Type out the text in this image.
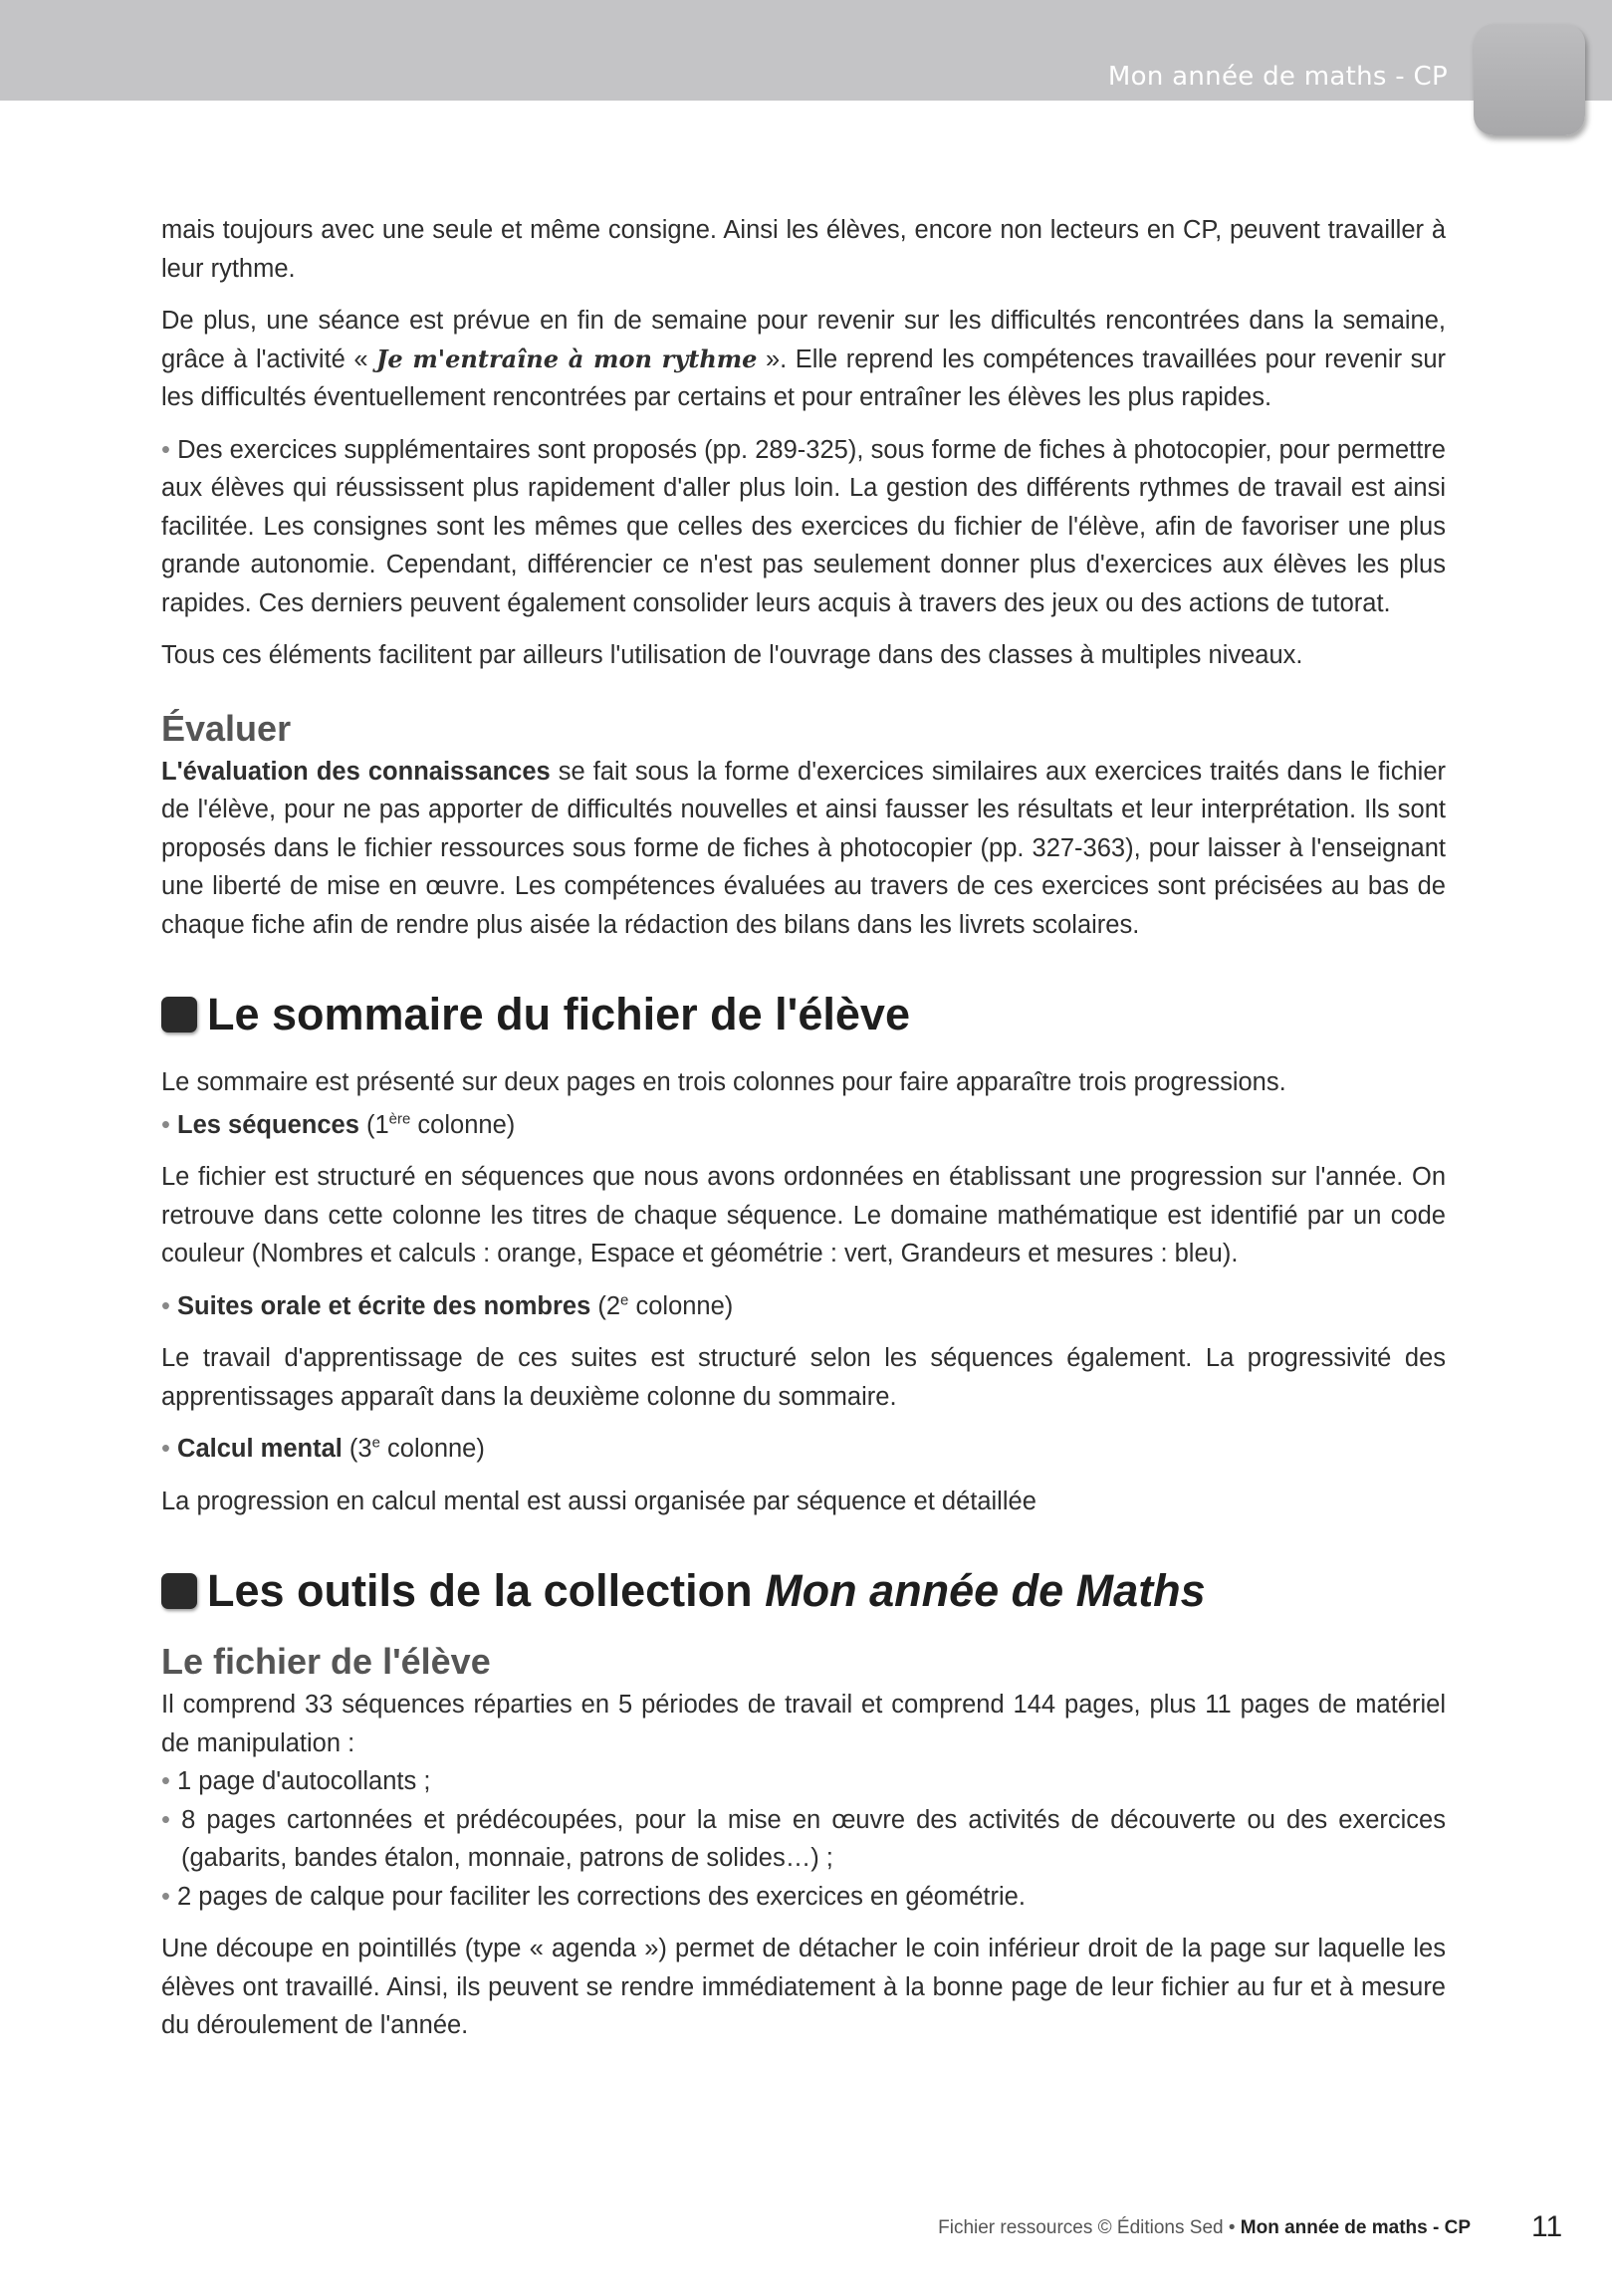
Mon année de maths - CP

mais toujours avec une seule et même consigne. Ainsi les élèves, encore non lecteurs en CP, peuvent travailler à leur rythme.

De plus, une séance est prévue en fin de semaine pour revenir sur les difficultés rencontrées dans la semaine, grâce à l'activité « Je m'entraîne à mon rythme ». Elle reprend les compétences travaillées pour revenir sur les difficultés éventuellement rencontrées par certains et pour entraîner les élèves les plus rapides.

• Des exercices supplémentaires sont proposés (pp. 289-325), sous forme de fiches à photocopier, pour permettre aux élèves qui réussissent plus rapidement d'aller plus loin. La gestion des différents rythmes de travail est ainsi facilitée. Les consignes sont les mêmes que celles des exercices du fichier de l'élève, afin de favoriser une plus grande autonomie. Cependant, différencier ce n'est pas seulement donner plus d'exercices aux élèves les plus rapides. Ces derniers peuvent également consolider leurs acquis à travers des jeux ou des actions de tutorat.

Tous ces éléments facilitent par ailleurs l'utilisation de l'ouvrage dans des classes à multiples niveaux.

Évaluer

L'évaluation des connaissances se fait sous la forme d'exercices similaires aux exercices traités dans le fichier de l'élève, pour ne pas apporter de difficultés nouvelles et ainsi fausser les résultats et leur interprétation. Ils sont proposés dans le fichier ressources sous forme de fiches à photocopier (pp. 327-363), pour laisser à l'enseignant une liberté de mise en œuvre. Les compétences évaluées au travers de ces exercices sont précisées au bas de chaque fiche afin de rendre plus aisée la rédaction des bilans dans les livrets scolaires.

Le sommaire du fichier de l'élève

Le sommaire est présenté sur deux pages en trois colonnes pour faire apparaître trois progressions.

• Les séquences (1ère colonne)

Le fichier est structuré en séquences que nous avons ordonnées en établissant une progression sur l'année. On retrouve dans cette colonne les titres de chaque séquence. Le domaine mathématique est identifié par un code couleur (Nombres et calculs : orange, Espace et géométrie : vert, Grandeurs et mesures : bleu).

• Suites orale et écrite des nombres (2e colonne)

Le travail d'apprentissage de ces suites est structuré selon les séquences également. La progressivité des apprentissages apparaît dans la deuxième colonne du sommaire.

• Calcul mental (3e colonne)

La progression en calcul mental est aussi organisée par séquence et détaillée

Les outils de la collection Mon année de Maths
Le fichier de l'élève

Il comprend 33 séquences réparties en 5 périodes de travail et comprend 144 pages, plus 11 pages de matériel de manipulation :

• 1 page d'autocollants ;
• 8 pages cartonnées et prédécoupées, pour la mise en œuvre des activités de découverte ou des exercices (gabarits, bandes étalon, monnaie, patrons de solides…) ;
• 2 pages de calque pour faciliter les corrections des exercices en géométrie.

Une découpe en pointillés (type « agenda ») permet de détacher le coin inférieur droit de la page sur laquelle les élèves ont travaillé. Ainsi, ils peuvent se rendre immédiatement à la bonne page de leur fichier au fur et à mesure du déroulement de l'année.

Fichier ressources © Éditions Sed • Mon année de maths - CP 11
